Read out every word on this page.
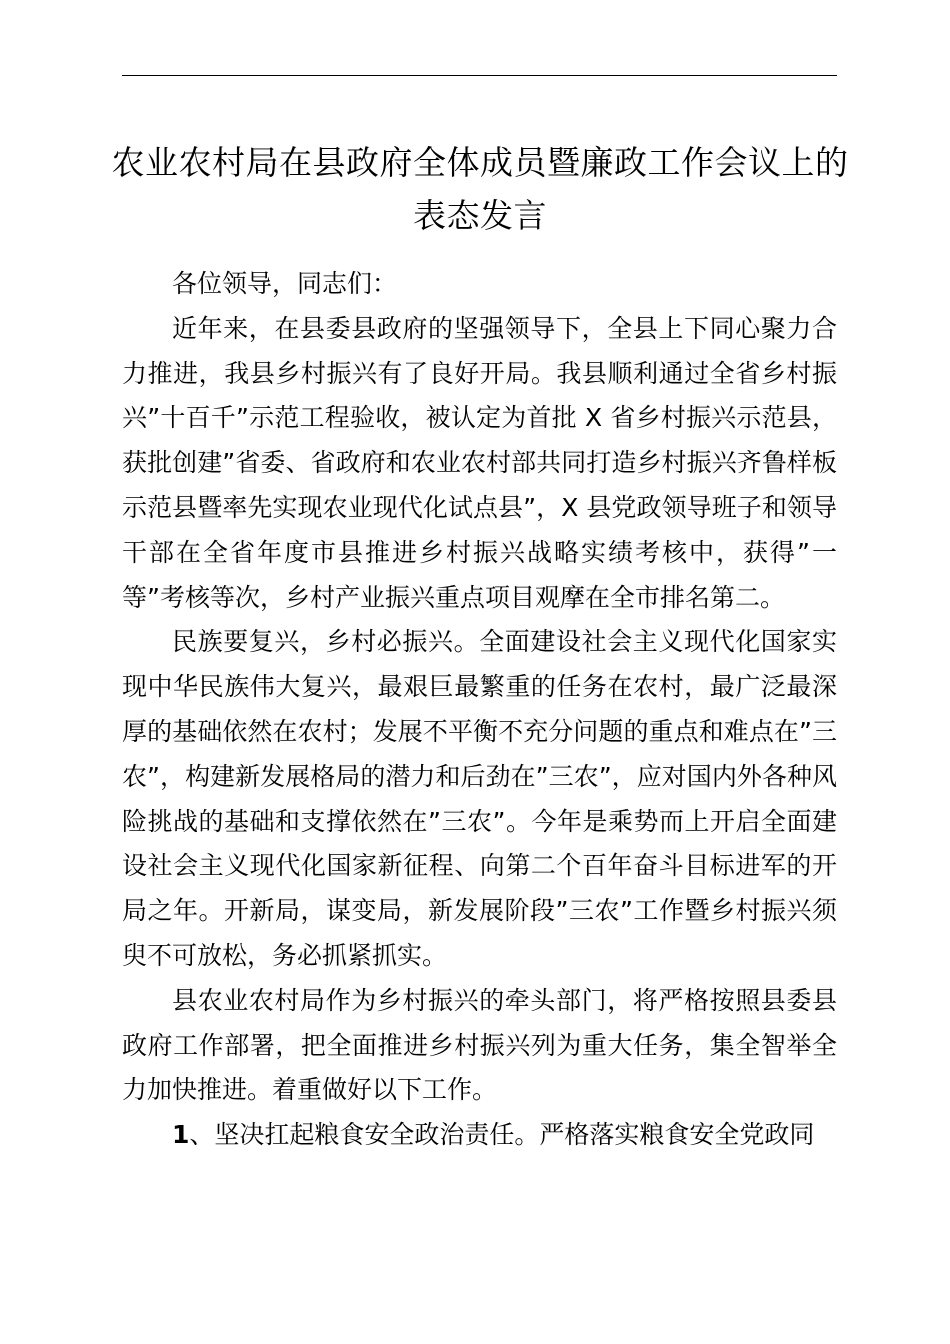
农业农村局在县政府全体成员暨廉政工作会议上的表态发言

各位领导，同志们：

近年来，在县委县政府的坚强领导下，全县上下同心聚力合力推进，我县乡村振兴有了良好开局。我县顺利通过全省乡村振兴”十百千”示范工程验收，被认定为首批 X 省乡村振兴示范县，获批创建”省委、省政府和农业农村部共同打造乡村振兴齐鲁样板示范县暨率先实现农业现代化试点县”，X 县党政领导班子和领导干部在全省年度市县推进乡村振兴战略实绩考核中，获得”一等”考核等次，乡村产业振兴重点项目观摩在全市排名第二。

民族要复兴，乡村必振兴。全面建设社会主义现代化国家实现中华民族伟大复兴，最艰巨最繁重的任务在农村，最广泛最深厚的基础依然在农村；发展不平衡不充分问题的重点和难点在”三农”，构建新发展格局的潜力和后劲在”三农”，应对国内外各种风险挑战的基础和支撑依然在”三农”。今年是乘势而上开启全面建设社会主义现代化国家新征程、向第二个百年奋斗目标进军的开局之年。开新局，谋变局，新发展阶段”三农”工作暨乡村振兴须臾不可放松，务必抓紧抓实。

县农业农村局作为乡村振兴的牵头部门，将严格按照县委县政府工作部署，把全面推进乡村振兴列为重大任务，集全智举全力加快推进。着重做好以下工作。

1、坚决扛起粮食安全政治责任。严格落实粮食安全党政同
